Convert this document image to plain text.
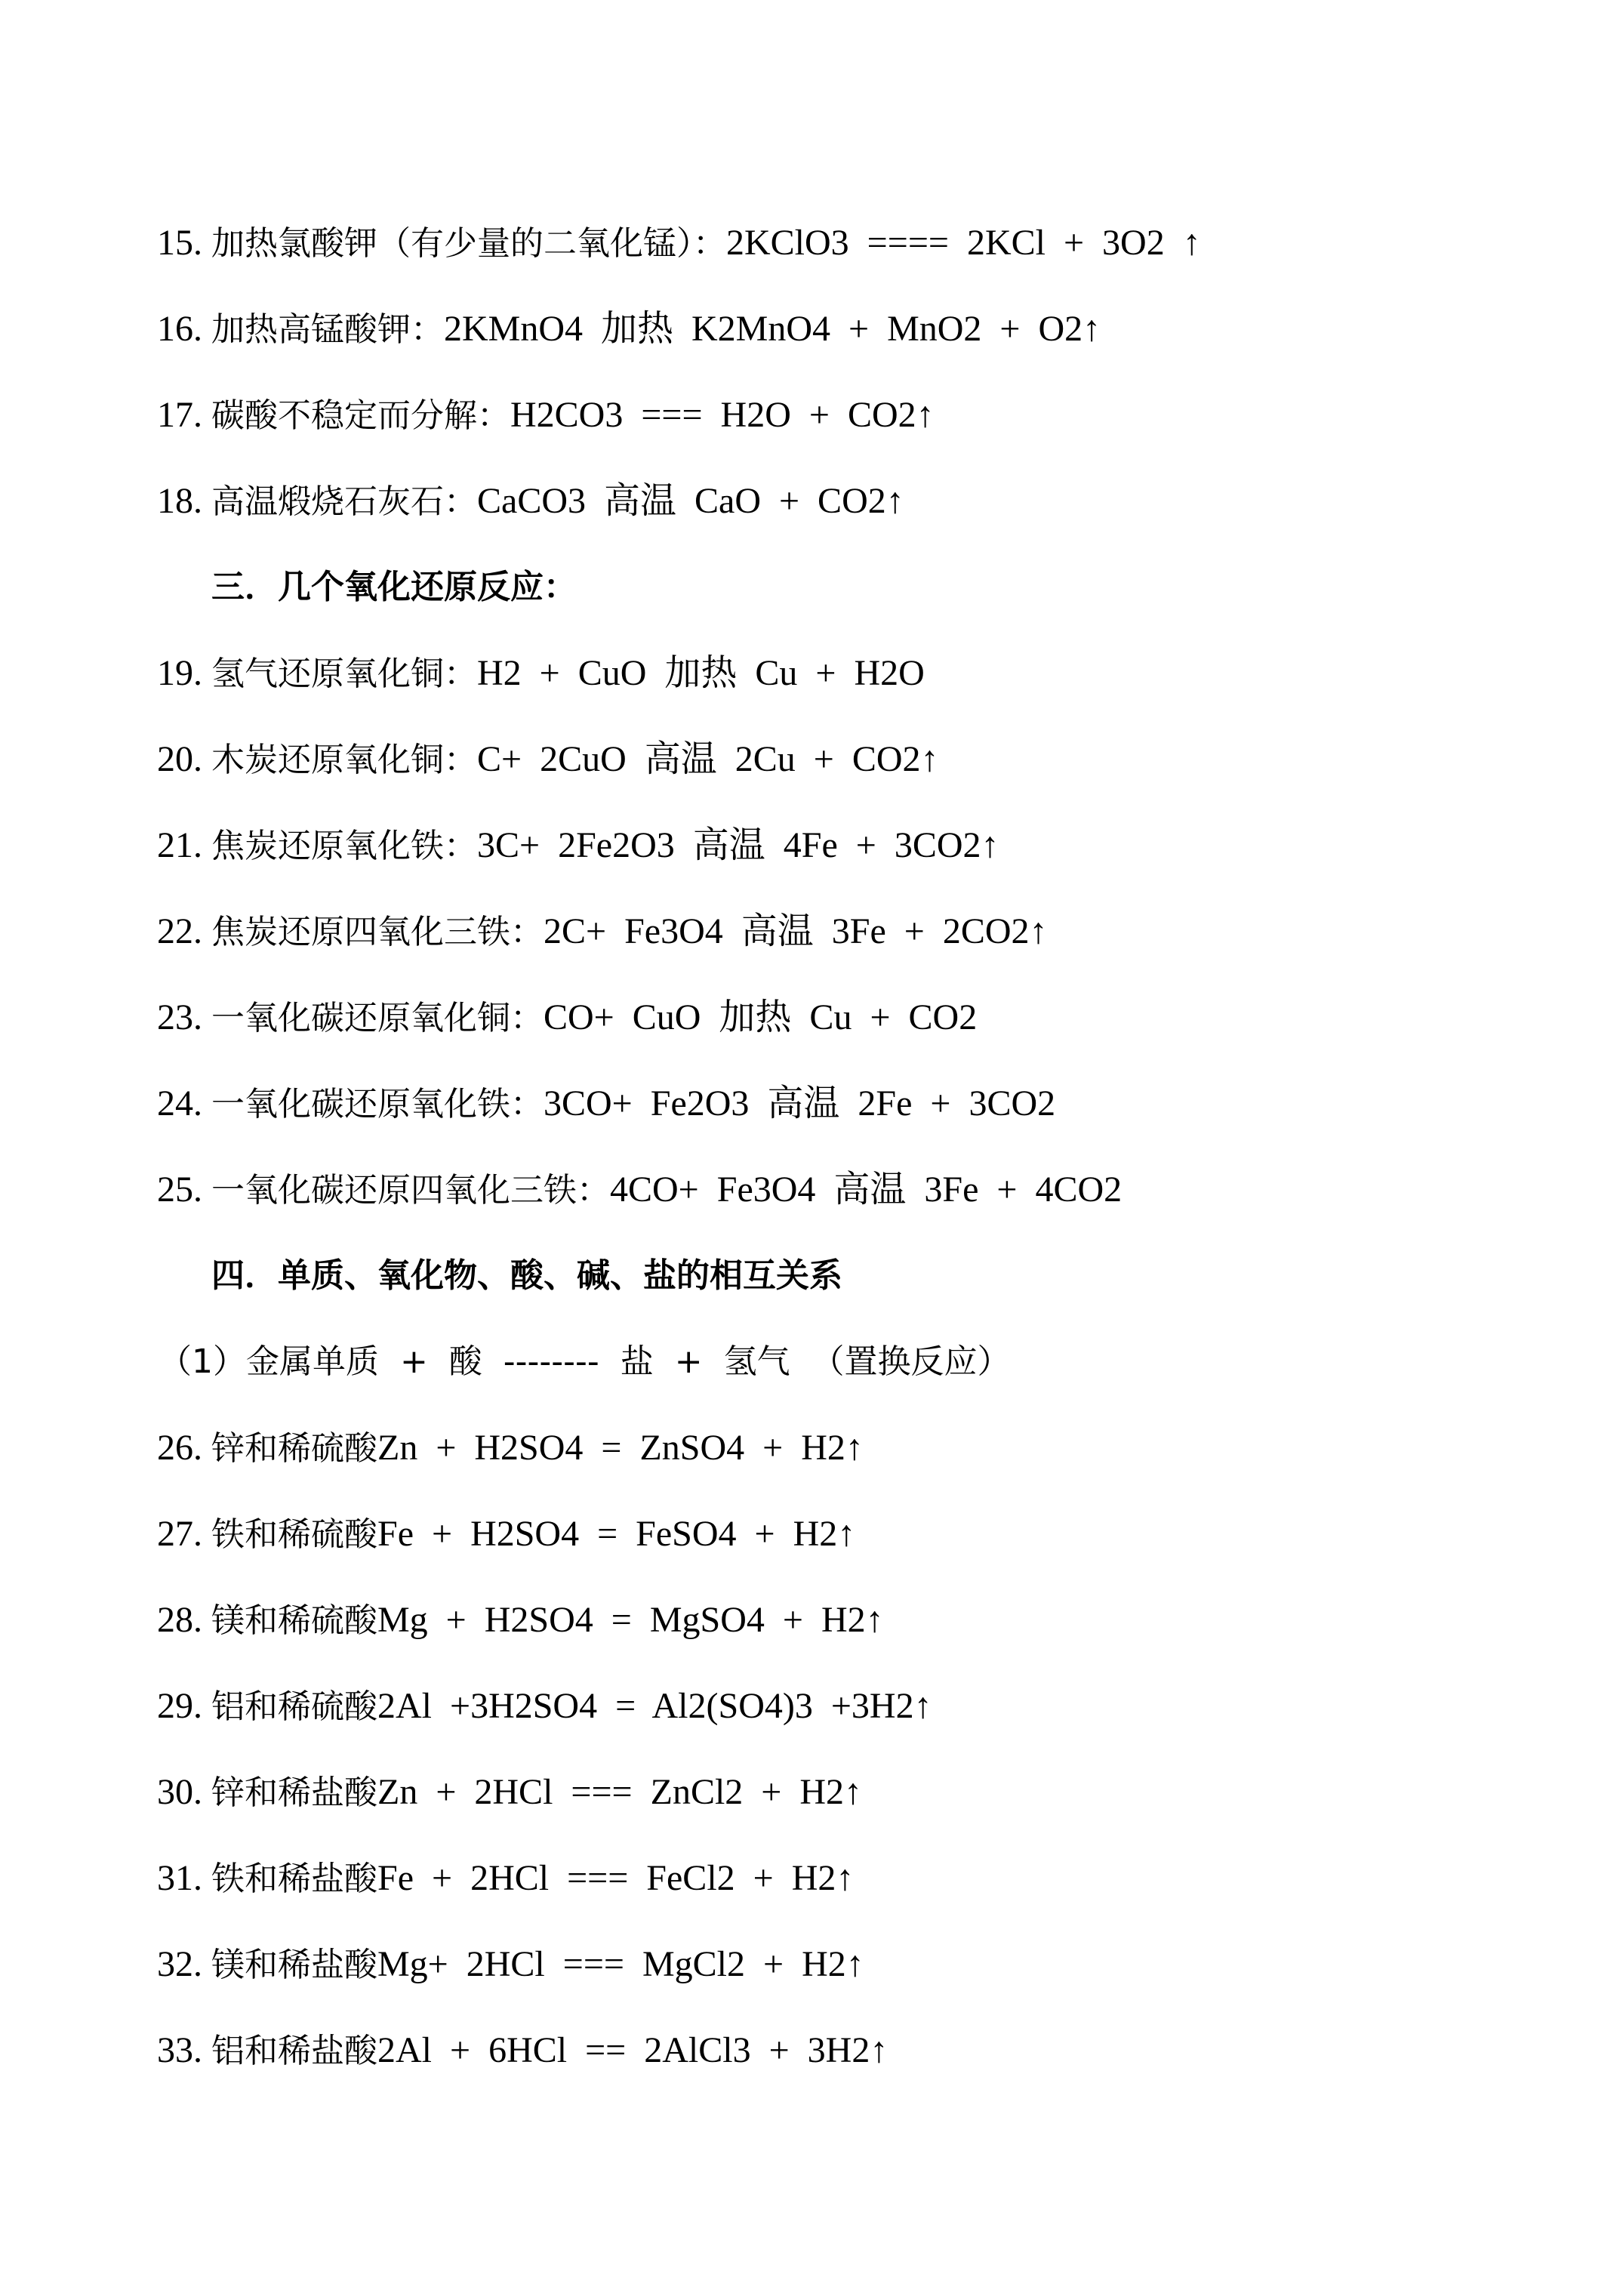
15. 加热氯酸钾（有少量的二氧化锰）：2KClO3  ====  2KCl  +  3O2  ↑
16. 加热高锰酸钾：2KMnO4  加热  K2MnO4  +  MnO2  +  O2↑
17. 碳酸不稳定而分解：H2CO3  ===  H2O  +  CO2↑
18. 高温煅烧石灰石：CaCO3  高温  CaO  +  CO2↑
三．几个氧化还原反应：
19. 氢气还原氧化铜：H2  +  CuO  加热  Cu  +  H2O
20. 木炭还原氧化铜：C+  2CuO  高温  2Cu  +  CO2↑
21. 焦炭还原氧化铁：3C+  2Fe2O3  高温  4Fe  +  3CO2↑
22. 焦炭还原四氧化三铁：2C+  Fe3O4  高温  3Fe  +  2CO2↑
23. 一氧化碳还原氧化铜：CO+  CuO  加热  Cu  +  CO2
24. 一氧化碳还原氧化铁：3CO+  Fe2O3  高温  2Fe  +  3CO2
25. 一氧化碳还原四氧化三铁：4CO+  Fe3O4  高温  3Fe  +  4CO2
四．单质、氧化物、酸、碱、盐的相互关系
（1）金属单质  +  酸  --------  盐  +  氢气  （置换反应）
26. 锌和稀硫酸Zn  +  H2SO4  =  ZnSO4  +  H2↑
27. 铁和稀硫酸Fe  +  H2SO4  =  FeSO4  +  H2↑
28. 镁和稀硫酸Mg  +  H2SO4  =  MgSO4  +  H2↑
29. 铝和稀硫酸2Al  +3H2SO4  =  Al2(SO4)3  +3H2↑
30. 锌和稀盐酸Zn  +  2HCl  ===  ZnCl2  +  H2↑
31. 铁和稀盐酸Fe  +  2HCl  ===  FeCl2  +  H2↑
32. 镁和稀盐酸Mg+  2HCl  ===  MgCl2  +  H2↑
33. 铝和稀盐酸2Al  +  6HCl  ==  2AlCl3  +  3H2↑
